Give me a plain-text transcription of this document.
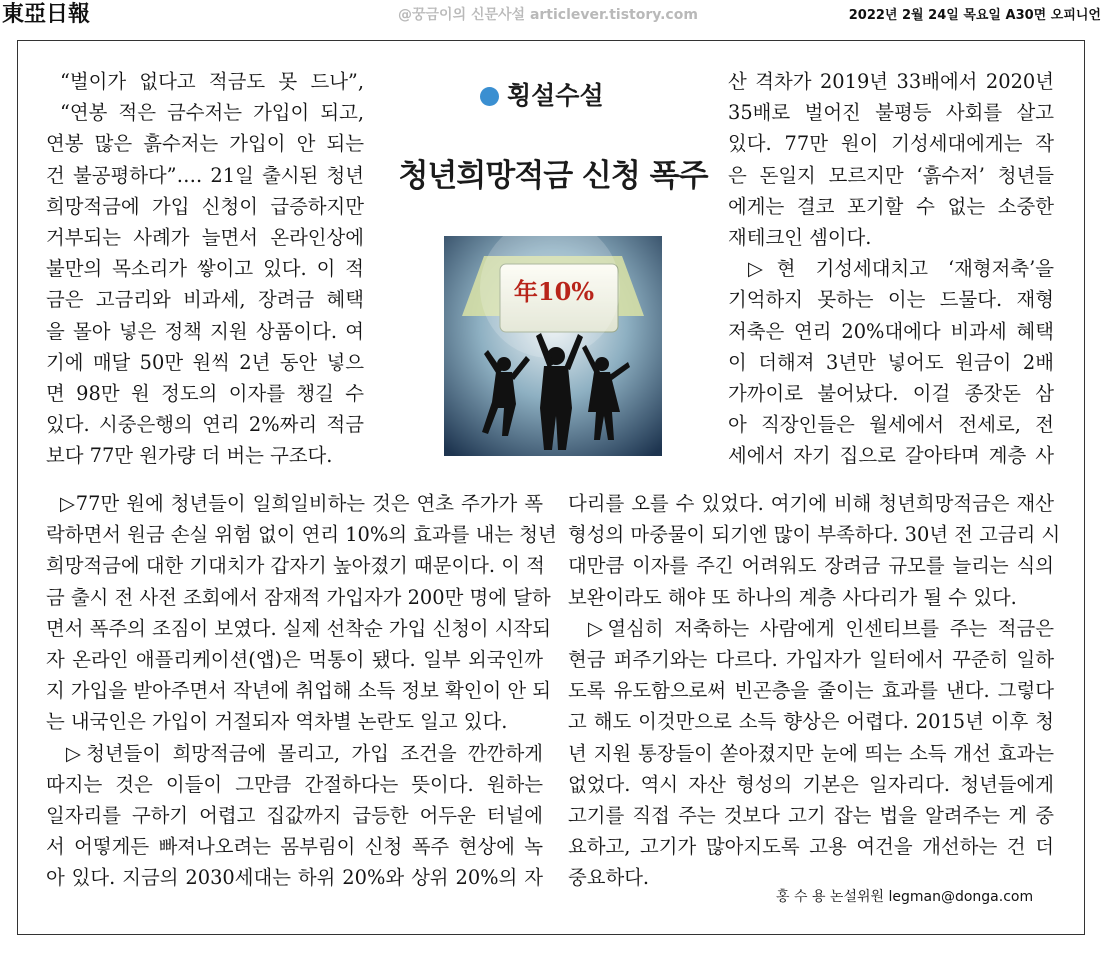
東亞日報	@꿍금이의 신문사설 articlever.tistory.com	2022년 2월 24일 목요일 A30면 오피니언
횡설수설
청년희망적금 신청 폭주
年10%

“벌이가 없다고 적금도 못 드나”,

“연봉 적은 금수저는 가입이 되고,

연봉 많은 흙수저는 가입이 안 되는

건 불공평하다”…. 21일 출시된 청년

희망적금에 가입 신청이 급증하지만

거부되는 사례가 늘면서 온라인상에

불만의 목소리가 쌓이고 있다. 이 적

금은 고금리와 비과세, 장려금 혜택

을 몰아 넣은 정책 지원 상품이다. 여

기에 매달 50만 원씩 2년 동안 넣으

면 98만 원 정도의 이자를 챙길 수

있다. 시중은행의 연리 2%짜리 적금

보다 77만 원가량 더 버는 구조다.

▷77만 원에 청년들이 일희일비하는 것은 연초 주가가 폭

락하면서 원금 손실 위험 없이 연리 10%의 효과를 내는 청년

희망적금에 대한 기대치가 갑자기 높아졌기 때문이다. 이 적

금 출시 전 사전 조회에서 잠재적 가입자가 200만 명에 달하

면서 폭주의 조짐이 보였다. 실제 선착순 가입 신청이 시작되

자 온라인 애플리케이션(앱)은 먹통이 됐다. 일부 외국인까

지 가입을 받아주면서 작년에 취업해 소득 정보 확인이 안 되

는 내국인은 가입이 거절되자 역차별 논란도 일고 있다.

▷청년들이 희망적금에 몰리고, 가입 조건을 깐깐하게

따지는 것은 이들이 그만큼 간절하다는 뜻이다. 원하는

일자리를 구하기 어렵고 집값까지 급등한 어두운 터널에

서 어떻게든 빠져나오려는 몸부림이 신청 폭주 현상에 녹

아 있다. 지금의 2030세대는 하위 20%와 상위 20%의 자

산 격차가 2019년 33배에서 2020년

35배로 벌어진 불평등 사회를 살고

있다. 77만 원이 기성세대에게는 작

은 돈일지 모르지만 ‘흙수저’ 청년들

에게는 결코 포기할 수 없는 소중한

재테크인 셈이다.

▷현 기성세대치고 ‘재형저축’을

기억하지 못하는 이는 드물다. 재형

저축은 연리 20%대에다 비과세 혜택

이 더해져 3년만 넣어도 원금이 2배

가까이로 불어났다. 이걸 종잣돈 삼

아 직장인들은 월세에서 전세로, 전

세에서 자기 집으로 갈아타며 계층 사

다리를 오를 수 있었다. 여기에 비해 청년희망적금은 재산

형성의 마중물이 되기엔 많이 부족하다. 30년 전 고금리 시

대만큼 이자를 주긴 어려워도 장려금 규모를 늘리는 식의

보완이라도 해야 또 하나의 계층 사다리가 될 수 있다.

▷열심히 저축하는 사람에게 인센티브를 주는 적금은

현금 퍼주기와는 다르다. 가입자가 일터에서 꾸준히 일하

도록 유도함으로써 빈곤층을 줄이는 효과를 낸다. 그렇다

고 해도 이것만으로 소득 향상은 어렵다. 2015년 이후 청

년 지원 통장들이 쏟아졌지만 눈에 띄는 소득 개선 효과는

없었다. 역시 자산 형성의 기본은 일자리다. 청년들에게

고기를 직접 주는 것보다 고기 잡는 법을 알려주는 게 중

요하고, 고기가 많아지도록 고용 여건을 개선하는 건 더

중요하다.

홍 수 용 논설위원 legman@donga.com
